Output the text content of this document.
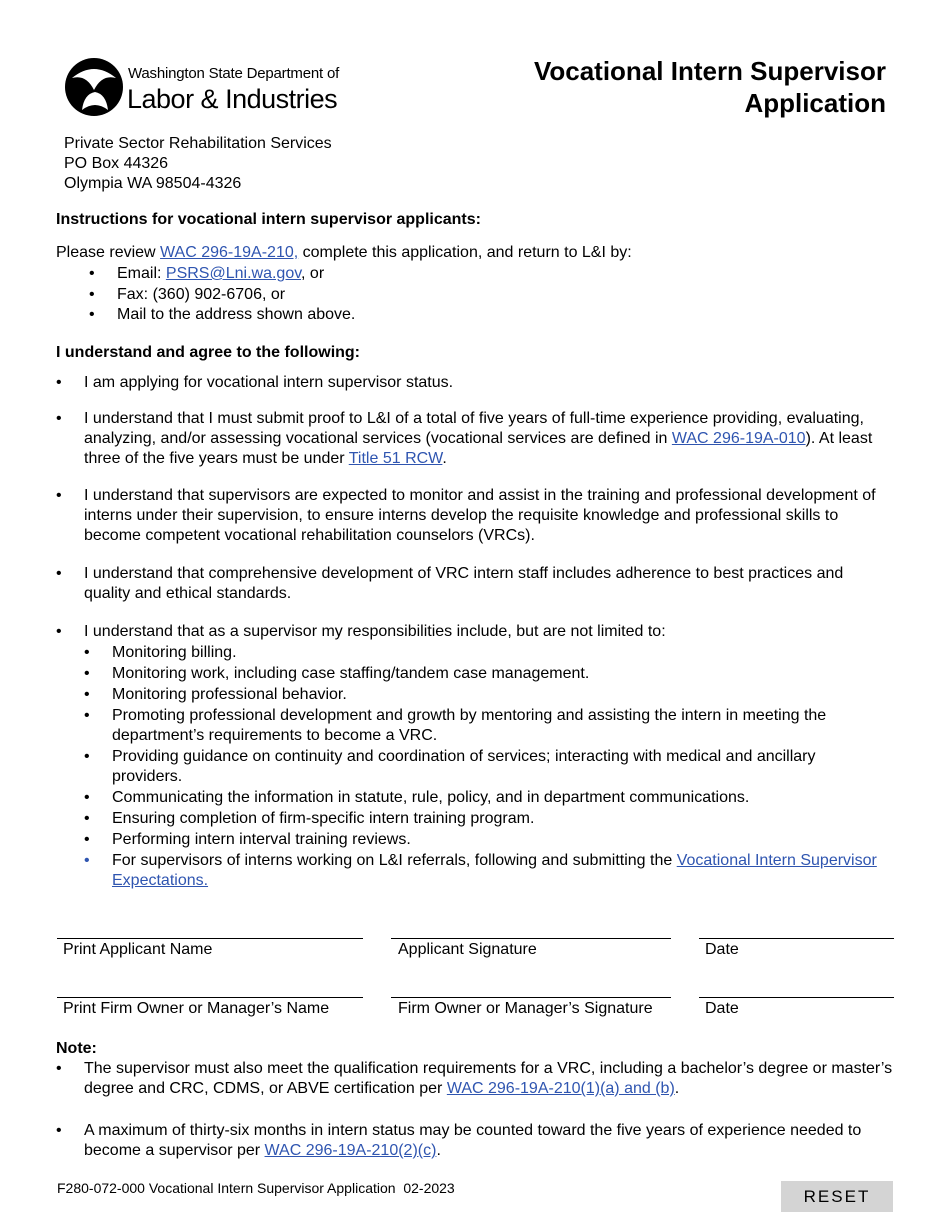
Washington State Department of
Labor & Industries
Vocational Intern Supervisor
Application
Private Sector Rehabilitation Services
PO Box 44326
Olympia WA 98504-4326
Instructions for vocational intern supervisor applicants:
Please review WAC 296-19A-210, complete this application, and return to L&I by:
• Email: PSRS@Lni.wa.gov, or
• Fax: (360) 902-6706, or
• Mail to the address shown above.
I understand and agree to the following:
• I am applying for vocational intern supervisor status.
• I understand that I must submit proof to L&I of a total of five years of full-time experience providing, evaluating, analyzing, and/or assessing vocational services (vocational services are defined in WAC 296-19A-010). At least three of the five years must be under Title 51 RCW.
• I understand that supervisors are expected to monitor and assist in the training and professional development of interns under their supervision, to ensure interns develop the requisite knowledge and professional skills to become competent vocational rehabilitation counselors (VRCs).
• I understand that comprehensive development of VRC intern staff includes adherence to best practices and quality and ethical standards.
• I understand that as a supervisor my responsibilities include, but are not limited to:
• Monitoring billing.
• Monitoring work, including case staffing/tandem case management.
• Monitoring professional behavior.
• Promoting professional development and growth by mentoring and assisting the intern in meeting the department’s requirements to become a VRC.
• Providing guidance on continuity and coordination of services; interacting with medical and ancillary providers.
• Communicating the information in statute, rule, policy, and in department communications.
• Ensuring completion of firm-specific intern training program.
• Performing intern interval training reviews.
• For supervisors of interns working on L&I referrals, following and submitting the Vocational Intern Supervisor Expectations.
Print Applicant Name	Applicant Signature	Date
Print Firm Owner or Manager’s Name	Firm Owner or Manager’s Signature	Date
Note:
• The supervisor must also meet the qualification requirements for a VRC, including a bachelor’s degree or master’s degree and CRC, CDMS, or ABVE certification per WAC 296-19A-210(1)(a) and (b).
• A maximum of thirty-six months in intern status may be counted toward the five years of experience needed to become a supervisor per WAC 296-19A-210(2)(c).
F280-072-000 Vocational Intern Supervisor Application  02-2023	RESET
